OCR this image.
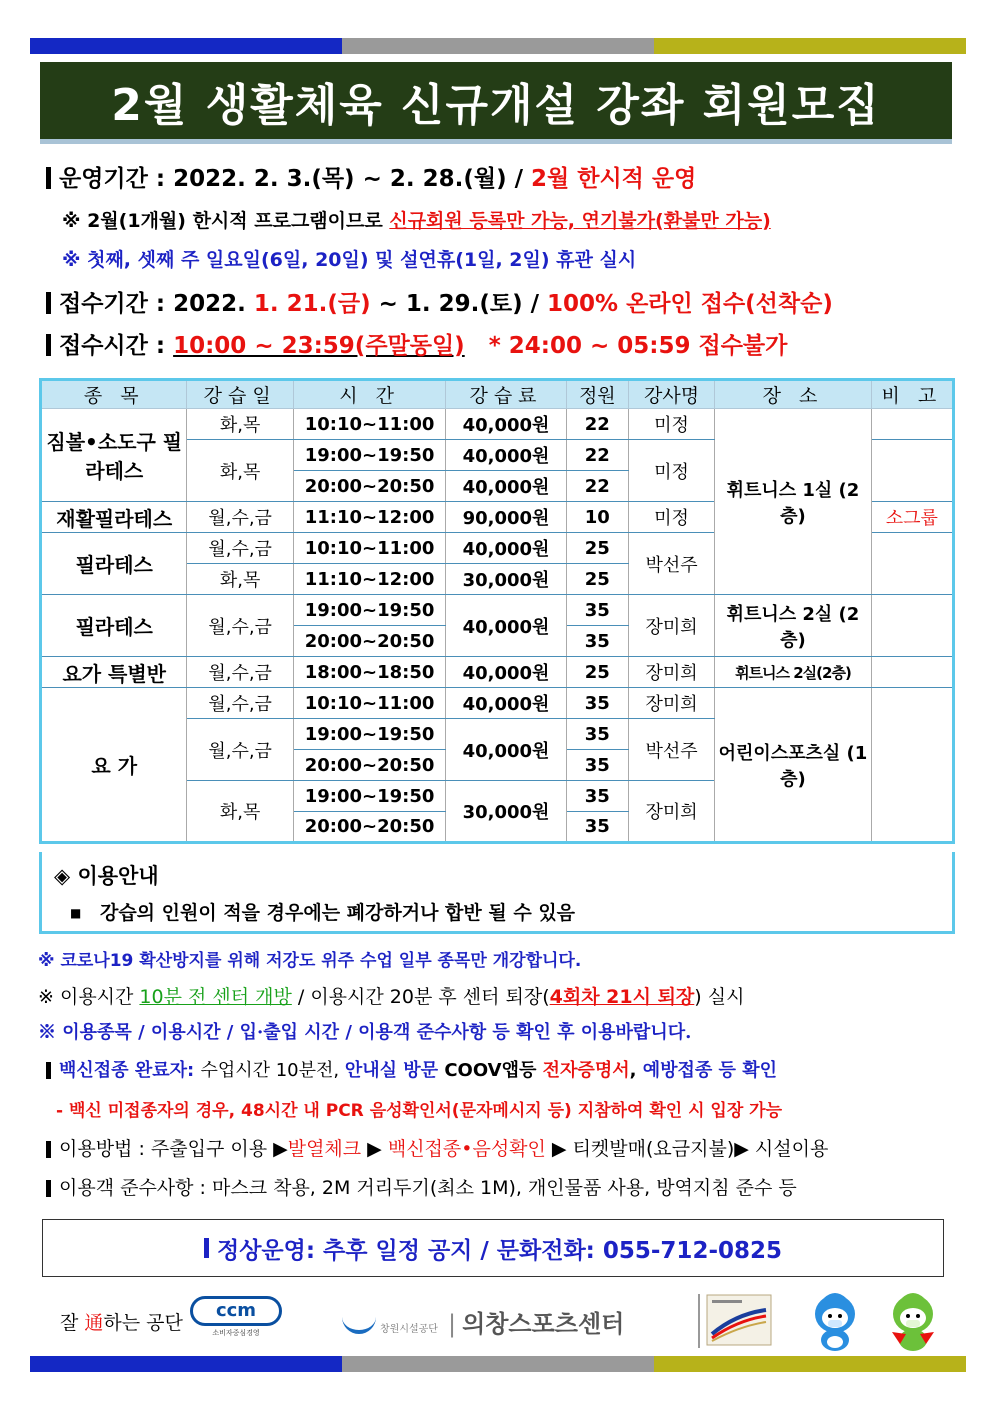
2월 생활체육 신규개설 강좌 회원모집
운영기간 : 2022. 2. 3.(목) ~ 2. 28.(월) / 2월 한시적 운영
※ 2월(1개월) 한시적 프로그램이므로 신규회원 등록만 가능, 연기불가(환불만 가능)
※ 첫째, 셋째 주 일요일(6일, 20일) 및 설연휴(1일, 2일) 휴관 실시
접수기간 : 2022. 1. 21.(금) ~ 1. 29.(토) / 100% 온라인 접수(선착순)
접수시간 : 10:00 ~ 23:59(주말동일) * 24:00 ~ 05:59 접수불가
종 목	강습일	시 간	강습료	정원	강사명	장 소	비 고
짐볼•소도구 필라테스	화,목	10:10~11:00	40,000원	22	미정	휘트니스 1실 (2층)	
	화,목	19:00~19:50	40,000원	22	미정		
		20:00~20:50	40,000원	22			
재활필라테스	월,수,금	11:10~12:00	90,000원	10	미정		소그룹
필라테스	월,수,금	10:10~11:00	40,000원	25	박선주		
	화,목	11:10~12:00	30,000원	25			
필라테스	월,수,금	19:00~19:50	40,000원	35	장미희	휘트니스 2실 (2층)	
		20:00~20:50		35			
요가 특별반	월,수,금	18:00~18:50	40,000원	25	장미희	휘트니스 2실(2층)	
요 가	월,수,금	10:10~11:00	40,000원	35	장미희	어린이스포츠실 (1층)	
	월,수,금	19:00~19:50	40,000원	35	박선주		
		20:00~20:50		35			
	화,목	19:00~19:50	30,000원	35	장미희		
		20:00~20:50		35			
◈ 이용안내
■ 강습의 인원이 적을 경우에는 폐강하거나 합반 될 수 있음
※ 코로나19 확산방지를 위해 저강도 위주 수업 일부 종목만 개강합니다.
※ 이용시간 10분 전 센터 개방 / 이용시간 20분 후 센터 퇴장(4회차 21시 퇴장) 실시
※ 이용종목 / 이용시간 / 입·출입 시간 / 이용객 준수사항 등 확인 후 이용바랍니다.
백신접종 완료자: 수업시간 10분전, 안내실 방문 COOV앱등 전자증명서, 예방접종 등 확인
- 백신 미접종자의 경우, 48시간 내 PCR 음성확인서(문자메시지 등) 지참하여 확인 시 입장 가능
이용방법 : 주출입구 이용 ▶발열체크 ▶ 백신접종•음성확인 ▶ 티켓발매(요금지불)▶ 시설이용
이용객 준수사항 : 마스크 착용, 2M 거리두기(최소 1M), 개인물품 사용, 방역지침 준수 등
정상운영: 추후 일정 공지 / 문화전화: 055-712-0825
잘 通하는 공단
ccm
소비자중심경영	창원시설공단 | 의창스포츠센터
